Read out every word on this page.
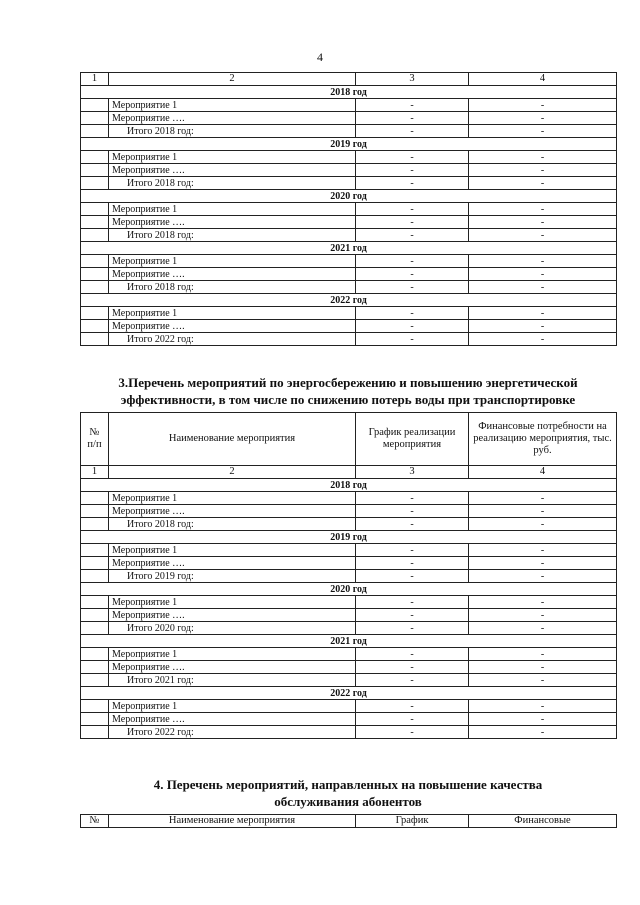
4
1	2	3	4
2018 год			
	Мероприятие 1	-	-
	Мероприятие ….	-	-
	Итого 2018 год:	-	-
2019 год			
	Мероприятие 1	-	-
	Мероприятие ….	-	-
	Итого 2018 год:	-	-
2020 год			
	Мероприятие 1	-	-
	Мероприятие ….	-	-
	Итого 2018 год:	-	-
2021 год			
	Мероприятие 1	-	-
	Мероприятие ….	-	-
	Итого 2018 год:	-	-
2022 год			
	Мероприятие 1	-	-
	Мероприятие ….	-	-
	Итого 2022 год:	-	-
3.Перечень мероприятий по энергосбережению и повышению энергетической
эффективности, в том числе по снижению потерь воды при транспортировке
№ п/п	Наименование мероприятия	График реализации мероприятия	Финансовые потребности на реализацию мероприятия, тыс. руб.
1	2	3	4
2018 год			
	Мероприятие 1	-	-
	Мероприятие ….	-	-
	Итого 2018 год:	-	-
2019 год			
	Мероприятие 1	-	-
	Мероприятие ….	-	-
	Итого 2019 год:	-	-
2020 год			
	Мероприятие 1	-	-
	Мероприятие ….	-	-
	Итого 2020 год:	-	-
2021 год			
	Мероприятие 1	-	-
	Мероприятие ….	-	-
	Итого 2021 год:	-	-
2022 год			
	Мероприятие 1	-	-
	Мероприятие ….	-	-
	Итого 2022 год:	-	-
4. Перечень мероприятий, направленных на повышение качества
обслуживания абонентов
№	Наименование мероприятия	График	Финансовые
